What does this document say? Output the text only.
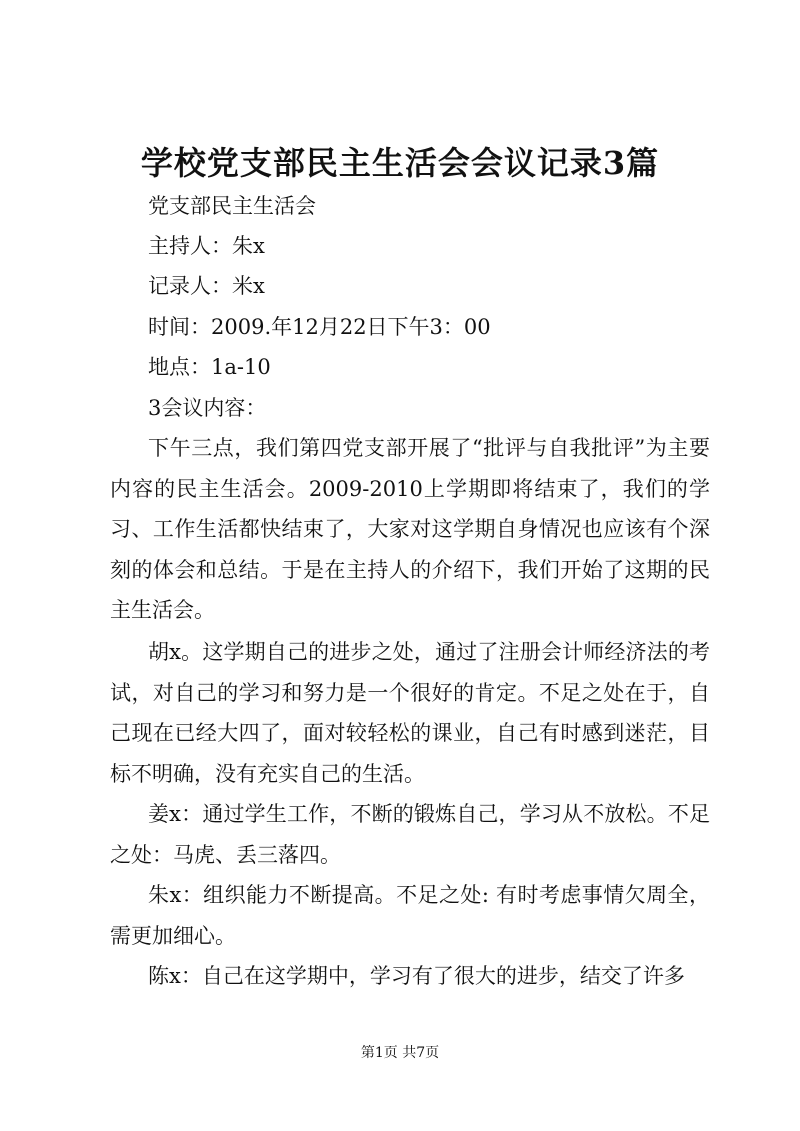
学校党支部民主生活会会议记录3篇
党支部民主生活会
主持人：朱x
记录人：米x
时间：2009.年12月22日下午3：00
地点：1a-10
3会议内容：
下午三点，我们第四党支部开展了“批评与自我批评”为主要内容的民主生活会。2009-2010上学期即将结束了，我们的学习、工作生活都快结束了，大家对这学期自身情况也应该有个深刻的体会和总结。于是在主持人的介绍下，我们开始了这期的民主生活会。
胡x。这学期自己的进步之处，通过了注册会计师经济法的考试，对自己的学习和努力是一个很好的肯定。不足之处在于，自己现在已经大四了，面对较轻松的课业，自己有时感到迷茫，目标不明确，没有充实自己的生活。
姜x：通过学生工作，不断的锻炼自己，学习从不放松。不足之处：马虎、丢三落四。
朱x：组织能力不断提高。不足之处: 有时考虑事情欠周全，需更加细心。
陈x：自己在这学期中，学习有了很大的进步，结交了许多
第1页 共7页
